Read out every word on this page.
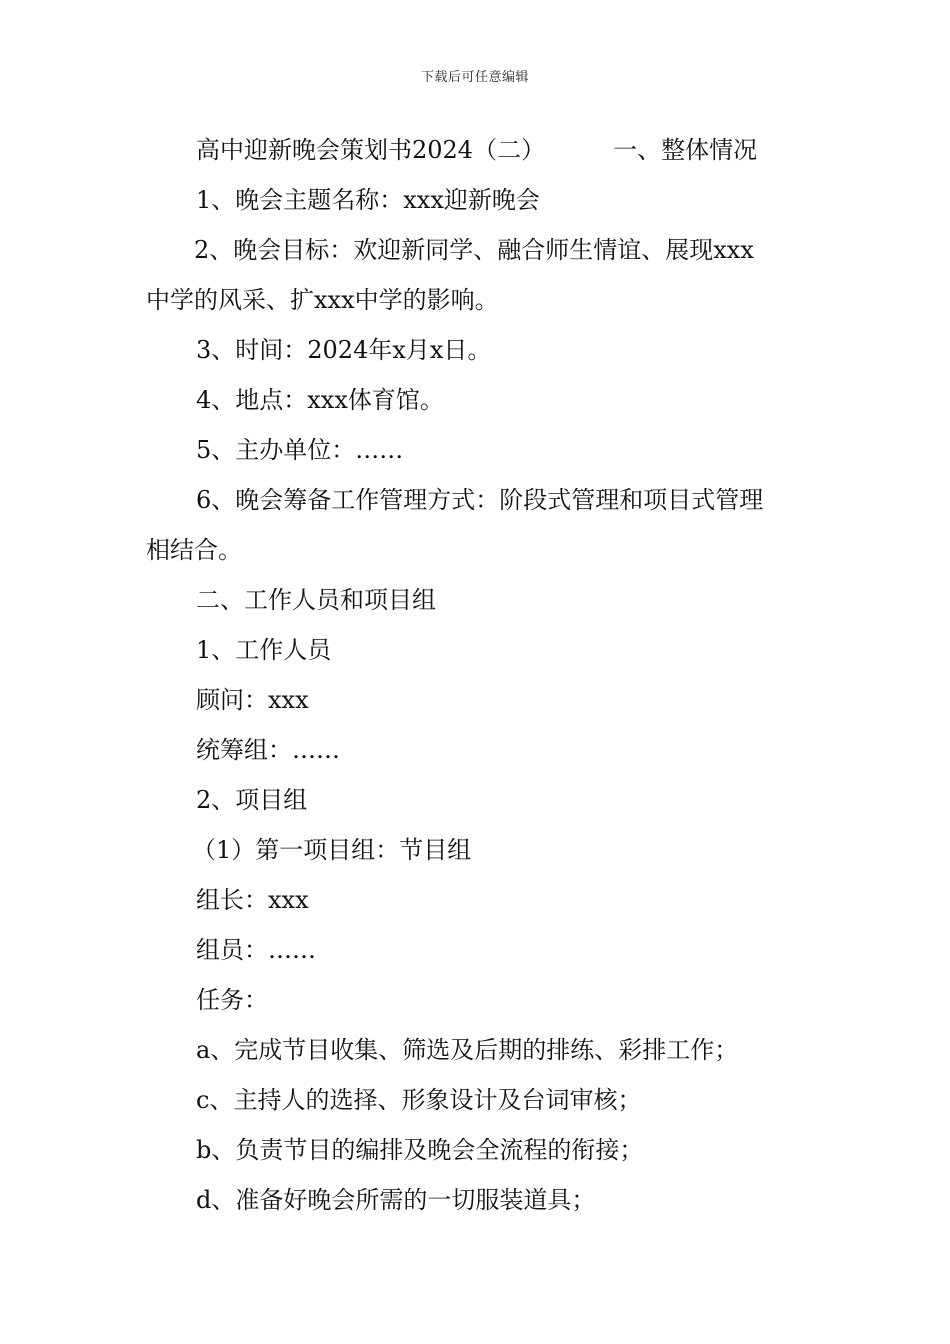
下载后可任意编辑
高中迎新晚会策划书2024（二）	一、整体情况
1、晚会主题名称：xxx迎新晚会
2、晚会目标：欢迎新同学、融合师生情谊、展现xxx
中学的风采、扩xxx中学的影响。
3、时间：2024年x月x日。
4、地点：xxx体育馆。
5、主办单位：……
6、晚会筹备工作管理方式：阶段式管理和项目式管理
相结合。
二、工作人员和项目组
1、工作人员
顾问：xxx
统筹组：……
2、项目组
（1）第一项目组：节目组
组长：xxx
组员：……
任务：
a、完成节目收集、筛选及后期的排练、彩排工作；
c、主持人的选择、形象设计及台词审核；
b、负责节目的编排及晚会全流程的衔接；
d、准备好晚会所需的一切服装道具；
